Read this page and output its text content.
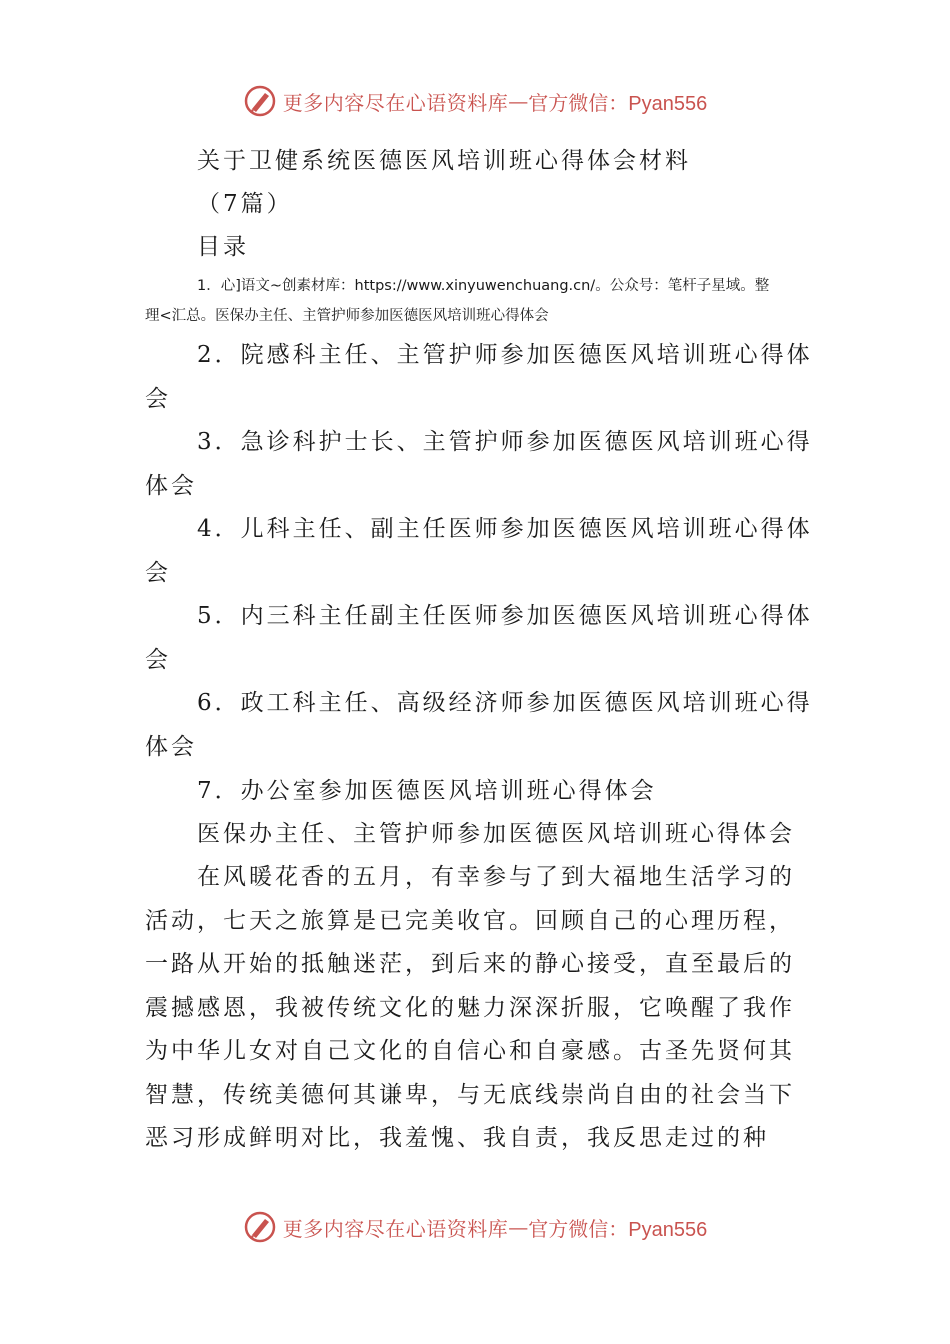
更多内容尽在心语资料库 — 官方微信：Pyan556
关于卫健系统医德医风培训班心得体会材料
（7篇）
目录
1．心]语文~创素材库：https://www.xinyuwenchuang.cn/。公众号：笔杆子星域。整
理<汇总。医保办主任、主管护师参加医德医风培训班心得体会
2．院感科主任、主管护师参加医德医风培训班心得体
会
3．急诊科护士长、主管护师参加医德医风培训班心得
体会
4．儿科主任、副主任医师参加医德医风培训班心得体
会
5．内三科主任副主任医师参加医德医风培训班心得体
会
6．政工科主任、高级经济师参加医德医风培训班心得
体会
7．办公室参加医德医风培训班心得体会
医保办主任、主管护师参加医德医风培训班心得体会
在风暖花香的五月，有幸参与了到大福地生活学习的
活动，七天之旅算是已完美收官。回顾自己的心理历程，
一路从开始的抵触迷茫，到后来的静心接受，直至最后的
震撼感恩，我被传统文化的魅力深深折服，它唤醒了我作
为中华儿女对自己文化的自信心和自豪感。古圣先贤何其
智慧，传统美德何其谦卑，与无底线崇尚自由的社会当下
恶习形成鲜明对比，我羞愧、我自责，我反思走过的种
更多内容尽在心语资料库 — 官方微信：Pyan556
